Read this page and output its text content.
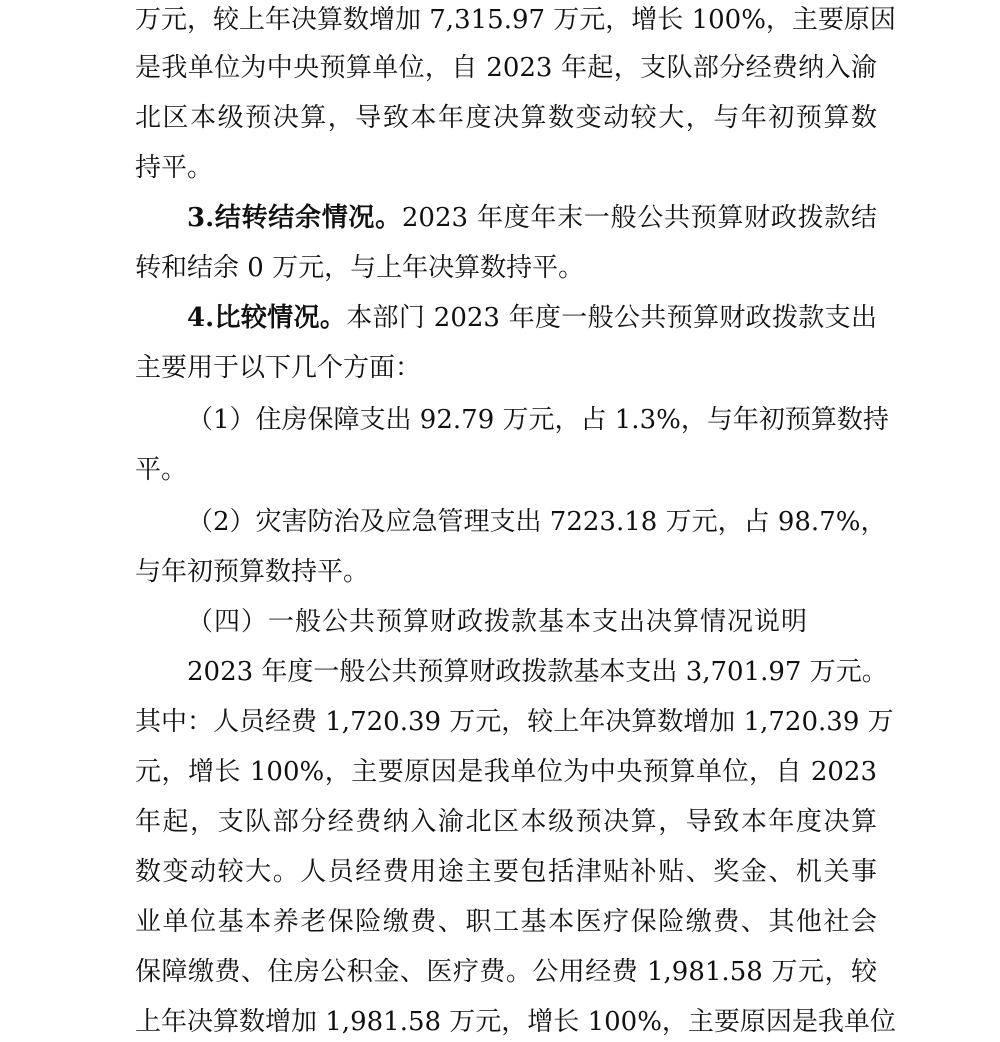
万元，较上年决算数增加 7,315.97 万元，增长 100%，主要原因
是我单位为中央预算单位，自 2023 年起，支队部分经费纳入渝
北区本级预决算，导致本年度决算数变动较大，与年初预算数
持平。
3.结转结余情况。2023 年度年末一般公共预算财政拨款结
转和结余 0 万元，与上年决算数持平。
4.比较情况。本部门 2023 年度一般公共预算财政拨款支出
主要用于以下几个方面：
（1）住房保障支出 92.79 万元，占 1.3%，与年初预算数持
平。
（2）灾害防治及应急管理支出 7223.18 万元，占 98.7%，
与年初预算数持平。
（四）一般公共预算财政拨款基本支出决算情况说明
2023 年度一般公共预算财政拨款基本支出 3,701.97 万元。
其中：人员经费 1,720.39 万元，较上年决算数增加 1,720.39 万
元，增长 100%，主要原因是我单位为中央预算单位，自 2023
年起，支队部分经费纳入渝北区本级预决算，导致本年度决算
数变动较大。人员经费用途主要包括津贴补贴、奖金、机关事
业单位基本养老保险缴费、职工基本医疗保险缴费、其他社会
保障缴费、住房公积金、医疗费。公用经费 1,981.58 万元，较
上年决算数增加 1,981.58 万元，增长 100%，主要原因是我单位
